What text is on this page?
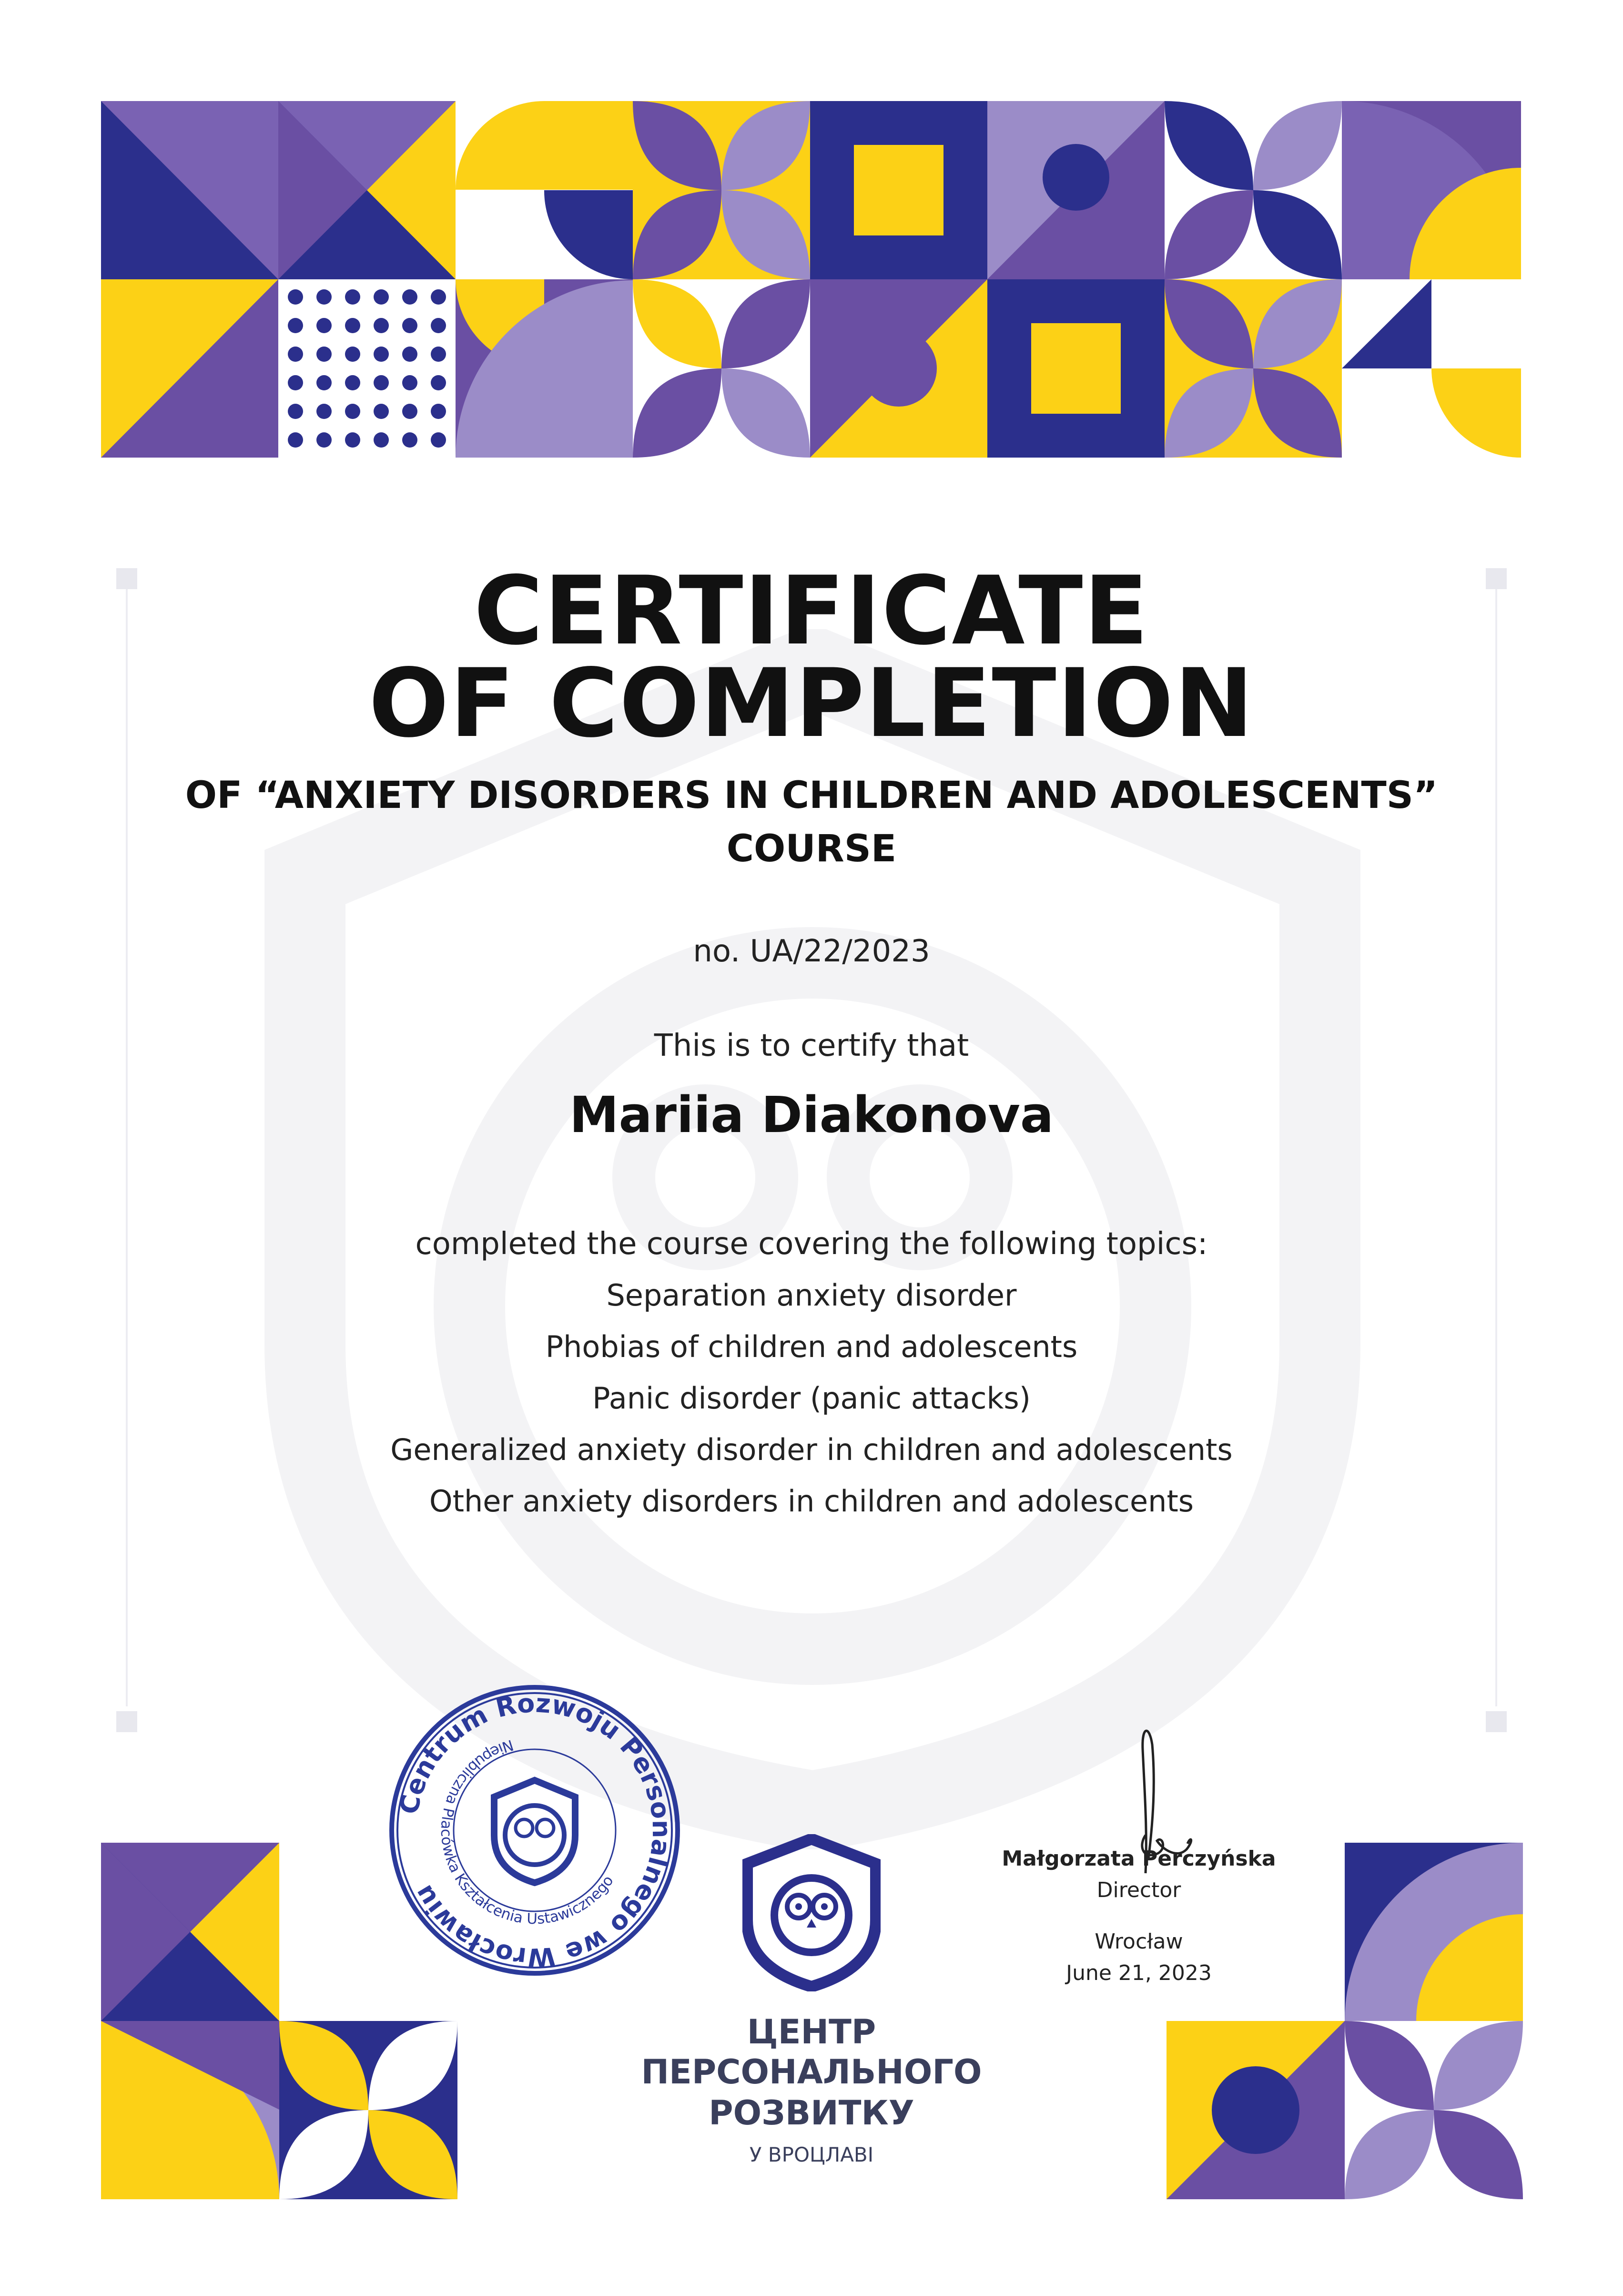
CERTIFICATE
OF COMPLETION
OF “ANXIETY DISORDERS IN CHILDREN AND ADOLESCENTS”
COURSE
no. UA/22/2023
This is to certify that
Mariia Diakonova
completed the course covering the following topics:
Separation anxiety disorder
Phobias of children and adolescents
Panic disorder (panic attacks)
Generalized anxiety disorder in children and adolescents
Other anxiety disorders in children and adolescents
Centrum Rozwoju Personalnego we Wrocławiu
Niepubliczna Placówka Kształcenia Ustawicznego
ЦЕНТР
ПЕРСОНАЛЬНОГО
РОЗВИТКУ
У ВРОЦЛАВІ
Małgorzata Perczyńska
Director
Wrocław
June 21, 2023
